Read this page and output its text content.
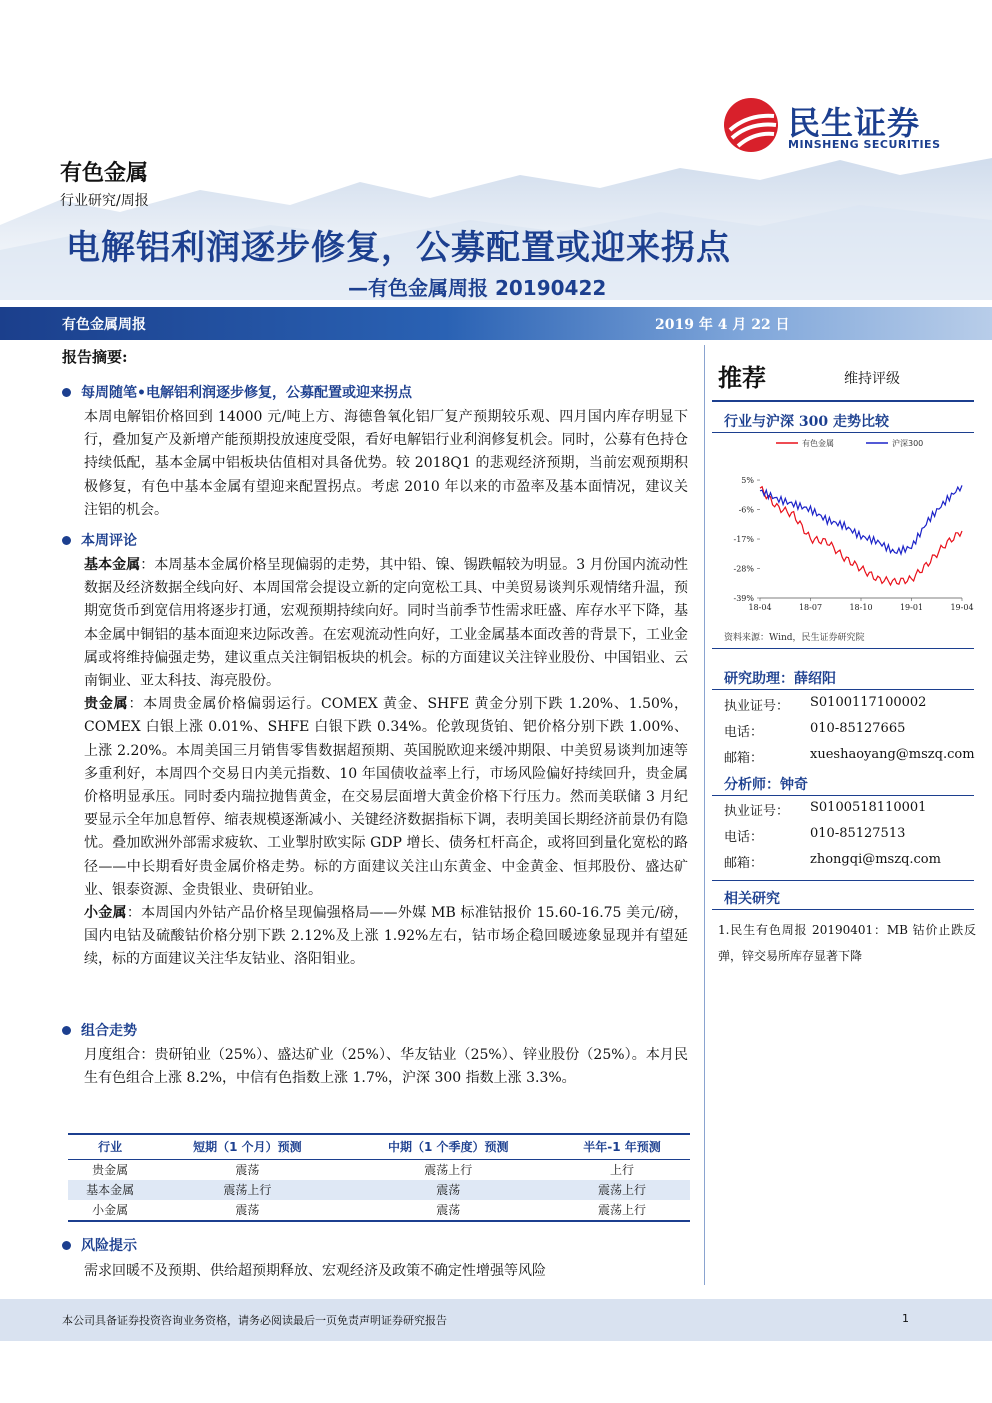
民生证券
MINSHENG SECURITIES
有色金属
行业研究/周报
电解铝利润逐步修复，公募配置或迎来拐点
—有色金属周报 20190422
有色金属周报	2019 年 4 月 22 日
报告摘要:
每周随笔•电解铝利润逐步修复，公募配置或迎来拐点
本周电解铝价格回到 14000 元/吨上方、海德鲁氧化铝厂复产预期较乐观、四月国内库存明显下行，叠加复产及新增产能预期投放速度受限，看好电解铝行业利润修复机会。同时，公募有色持仓持续低配，基本金属中铝板块估值相对具备优势。较 2018Q1 的悲观经济预期，当前宏观预期积极修复，有色中基本金属有望迎来配置拐点。考虑 2010 年以来的市盈率及基本面情况，建议关注铝的机会。
本周评论
基本金属：本周基本金属价格呈现偏弱的走势，其中铅、镍、锡跌幅较为明显。3 月份国内流动性数据及经济数据全线向好、本周国常会提设立新的定向宽松工具、中美贸易谈判乐观情绪升温，预期宽货币到宽信用将逐步打通，宏观预期持续向好。同时当前季节性需求旺盛、库存水平下降，基本金属中铜铝的基本面迎来边际改善。在宏观流动性向好，工业金属基本面改善的背景下，工业金属或将维持偏强走势，建议重点关注铜铝板块的机会。标的方面建议关注锌业股份、中国铝业、云南铜业、亚太科技、海亮股份。
贵金属：本周贵金属价格偏弱运行。COMEX 黄金、SHFE 黄金分别下跌 1.20%、1.50%，COMEX 白银上涨 0.01%、SHFE 白银下跌 0.34%。伦敦现货铂、钯价格分别下跌 1.00%、上涨 2.20%。本周美国三月销售零售数据超预期、英国脱欧迎来缓冲期限、中美贸易谈判加速等多重利好，本周四个交易日内美元指数、10 年国债收益率上行，市场风险偏好持续回升，贵金属价格明显承压。同时委内瑞拉抛售黄金，在交易层面增大黄金价格下行压力。然而美联储 3 月纪要显示全年加息暂停、缩表规模逐渐减小、关键经济数据指标下调，表明美国长期经济前景仍有隐忧。叠加欧洲外部需求疲软、工业掣肘欧实际 GDP 增长、债务杠杆高企，或将回到量化宽松的路径——中长期看好贵金属价格走势。标的方面建议关注山东黄金、中金黄金、恒邦股份、盛达矿业、银泰资源、金贵银业、贵研铂业。
小金属：本周国内外钴产品价格呈现偏强格局——外媒 MB 标准钴报价 15.60-16.75 美元/磅，国内电钴及硫酸钴价格分别下跌 2.12%及上涨 1.92%左右，钴市场企稳回暖迹象显现并有望延续，标的方面建议关注华友钴业、洛阳钼业。
组合走势
月度组合：贵研铂业（25%）、盛达矿业（25%）、华友钴业（25%）、锌业股份（25%）。本月民生有色组合上涨 8.2%，中信有色指数上涨 1.7%，沪深 300 指数上涨 3.3%。
行业	短期（1 个月）预测	中期（1 个季度）预测	半年-1 年预测
贵金属	震荡	震荡上行	上行
基本金属	震荡上行	震荡	震荡上行
小金属	震荡	震荡	震荡上行
风险提示
需求回暖不及预期、供给超预期释放、宏观经济及政策不确定性增强等风险
推荐	维持评级
行业与沪深 300 走势比较
有色金属	沪深300
5%
-6%
-17%
-28%
-39%
18-04	18-07	18-10	19-01	19-04
资料来源：Wind，民生证券研究院
研究助理：薛绍阳
执业证号： S0100117100002
电话：	010-85127665
邮箱：	xueshaoyang@mszq.com
分析师：钟奇
执业证号： S0100518110001
电话：	010-85127513
邮箱：	zhongqi@mszq.com
相关研究
1.民生有色周报 20190401：MB 钴价止跌反弹，锌交易所库存显著下降
本公司具备证券投资咨询业务资格，请务必阅读最后一页免责声明证券研究报告	1
